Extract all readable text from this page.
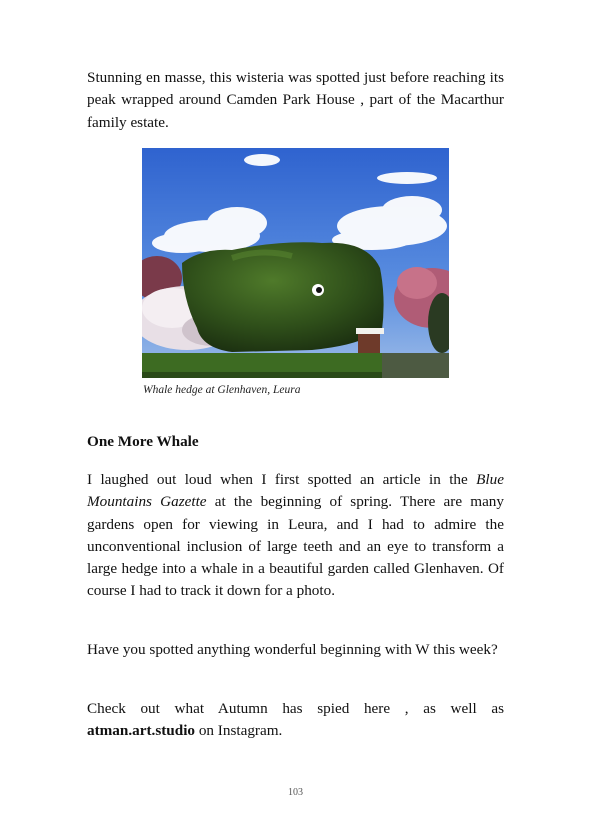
Stunning en masse, this wisteria was spotted just before reaching its peak wrapped around Camden Park House , part of the Macarthur family estate.

Whale hedge at Glenhaven, Leura
One More Whale

I laughed out loud when I first spotted an article in the Blue Mountains Gazette at the beginning of spring. There are many gardens open for viewing in Leura, and I had to admire the unconventional inclusion of large teeth and an eye to transform a large hedge into a whale in a beautiful garden called Glenhaven. Of course I had to track it down for a photo.

Have you spotted anything wonderful beginning with W this week?

Check out what Autumn has spied here , as well as atman.art.studio on Instagram.

103
